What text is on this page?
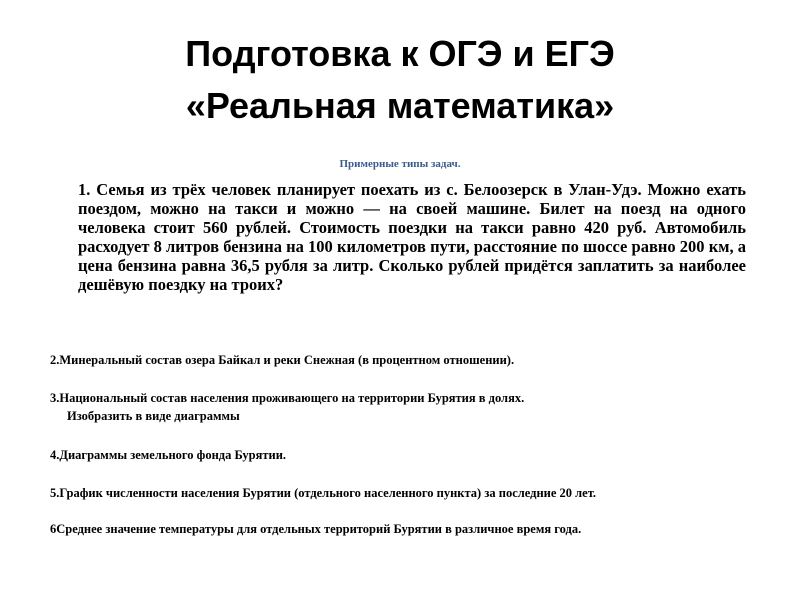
Подготовка к ОГЭ и ЕГЭ
«Реальная математика»
Примерные типы задач.
1. Семья из трёх человек планирует поехать из с. Белоозерск в Улан-Удэ. Можно ехать поездом, можно на такси и можно — на своей машине. Билет на поезд на одного человека стоит 560 рублей. Стоимость поездки на такси равно 420 руб. Автомобиль расходует 8 литров бензина на 100 километров пути, расстояние по шоссе равно 200 км, а цена бензина равна 36,5 рубля за литр. Сколько рублей придётся заплатить за наиболее дешёвую поездку на троих?
2.Минеральный состав озера Байкал и реки Снежная (в процентном отношении).
3.Национальный состав населения проживающего на территории Бурятия в долях.
Изобразить в виде диаграммы
4.Диаграммы земельного фонда Бурятии.
5.График численности населения Бурятии (отдельного населенного пункта) за последние 20 лет.
6Среднее значение температуры для отдельных территорий Бурятии в различное время года.
